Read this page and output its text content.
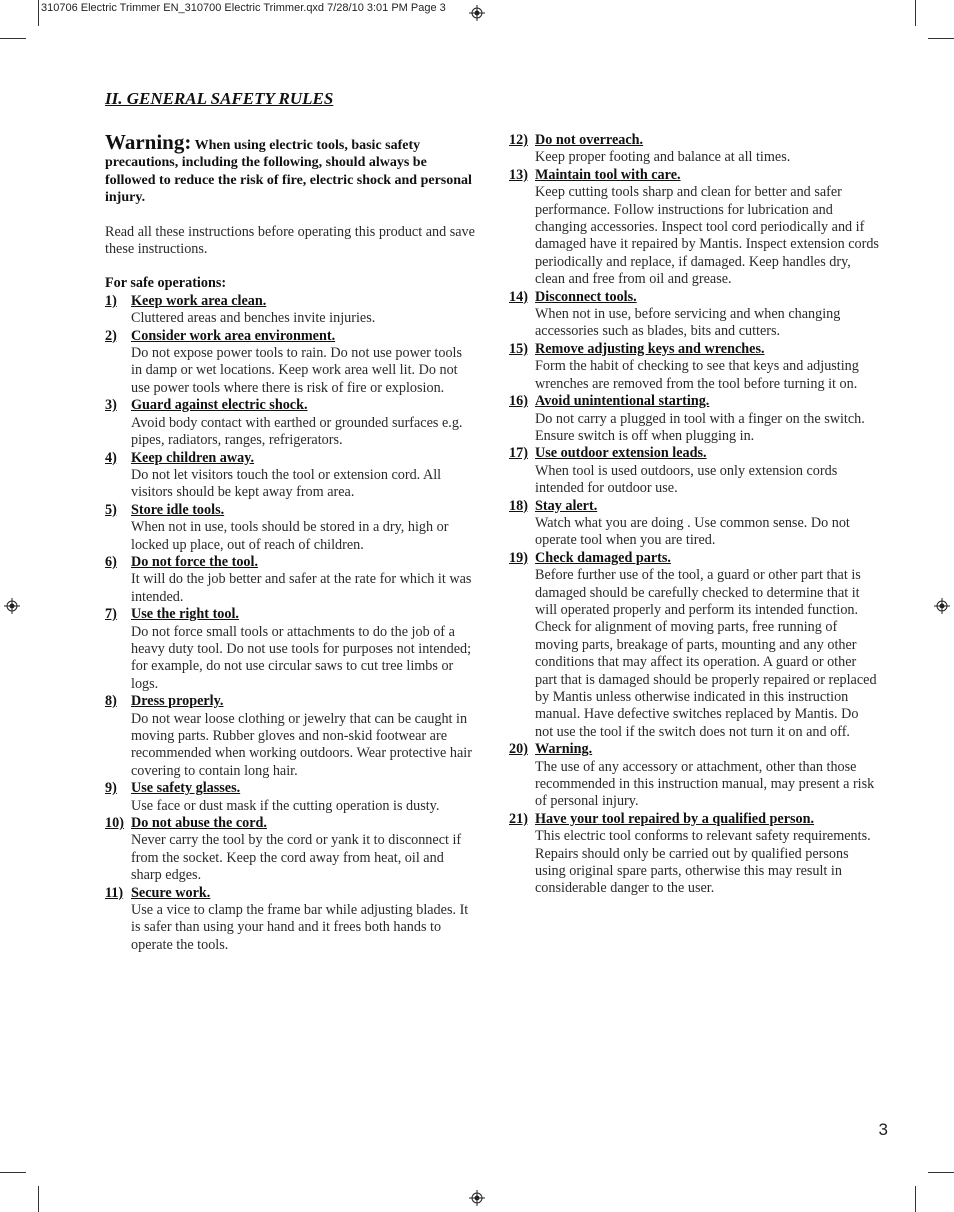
310706 Electric Trimmer EN_310700 Electric Trimmer.qxd 7/28/10 3:01 PM Page 3
II. GENERAL SAFETY RULES
Warning: When using electric tools, basic safety precautions, including the following, should always be followed to reduce the risk of fire, electric shock and personal injury.
Read all these instructions before operating this product and save these instructions.
For safe operations:
1) Keep work area clean.
Cluttered areas and benches invite injuries.
2) Consider work area environment.
Do not expose power tools to rain. Do not use power tools in damp or wet locations. Keep work area well lit. Do not use power tools where there is risk of fire or explosion.
3) Guard against electric shock.
Avoid body contact with earthed or grounded surfaces e.g. pipes, radiators, ranges, refrigerators.
4) Keep children away.
Do not let visitors touch the tool or extension cord. All visitors should be kept away from area.
5) Store idle tools.
When not in use, tools should be stored in a dry, high or locked up place, out of reach of children.
6) Do not force the tool.
It will do the job better and safer at the rate for which it was intended.
7) Use the right tool.
Do not force small tools or attachments to do the job of a heavy duty tool. Do not use tools for purposes not intended; for example, do not use circular saws to cut tree limbs or logs.
8) Dress properly.
Do not wear loose clothing or jewelry that can be caught in moving parts. Rubber gloves and non-skid footwear are recommended when working outdoors. Wear protective hair covering to contain long hair.
9) Use safety glasses.
Use face or dust mask if the cutting operation is dusty.
10) Do not abuse the cord.
Never carry the tool by the cord or yank it to disconnect if from the socket. Keep the cord away from heat, oil and sharp edges.
11) Secure work.
Use a vice to clamp the frame bar while adjusting blades. It is safer than using your hand and it frees both hands to operate the tools.
12) Do not overreach.
Keep proper footing and balance at all times.
13) Maintain tool with care.
Keep cutting tools sharp and clean for better and safer performance. Follow instructions for lubrication and changing accessories. Inspect tool cord periodically and if damaged have it repaired by Mantis. Inspect extension cords periodically and replace, if damaged. Keep handles dry, clean and free from oil and grease.
14) Disconnect tools.
When not in use, before servicing and when changing accessories such as blades, bits and cutters.
15) Remove adjusting keys and wrenches.
Form the habit of checking to see that keys and adjusting wrenches are removed from the tool before turning it on.
16) Avoid unintentional starting.
Do not carry a plugged in tool with a finger on the switch. Ensure switch is off when plugging in.
17) Use outdoor extension leads.
When tool is used outdoors, use only extension cords intended for outdoor use.
18) Stay alert.
Watch what you are doing . Use common sense. Do not operate tool when you are tired.
19) Check damaged parts.
Before further use of the tool, a guard or other part that is damaged should be carefully checked to determine that it will operated properly and perform its intended function. Check for alignment of moving parts, free running of moving parts, breakage of parts, mounting and any other conditions that may affect its operation. A guard or other part that is damaged should be properly repaired or replaced by Mantis unless otherwise indicated in this instruction manual. Have defective switches replaced by Mantis. Do not use the tool if the switch does not turn it on and off.
20) Warning.
The use of any accessory or attachment, other than those recommended in this instruction manual, may present a risk of personal injury.
21) Have your tool repaired by a qualified person.
This electric tool conforms to relevant safety requirements. Repairs should only be carried out by qualified persons using original spare parts, otherwise this may result in considerable danger to the user.
3
